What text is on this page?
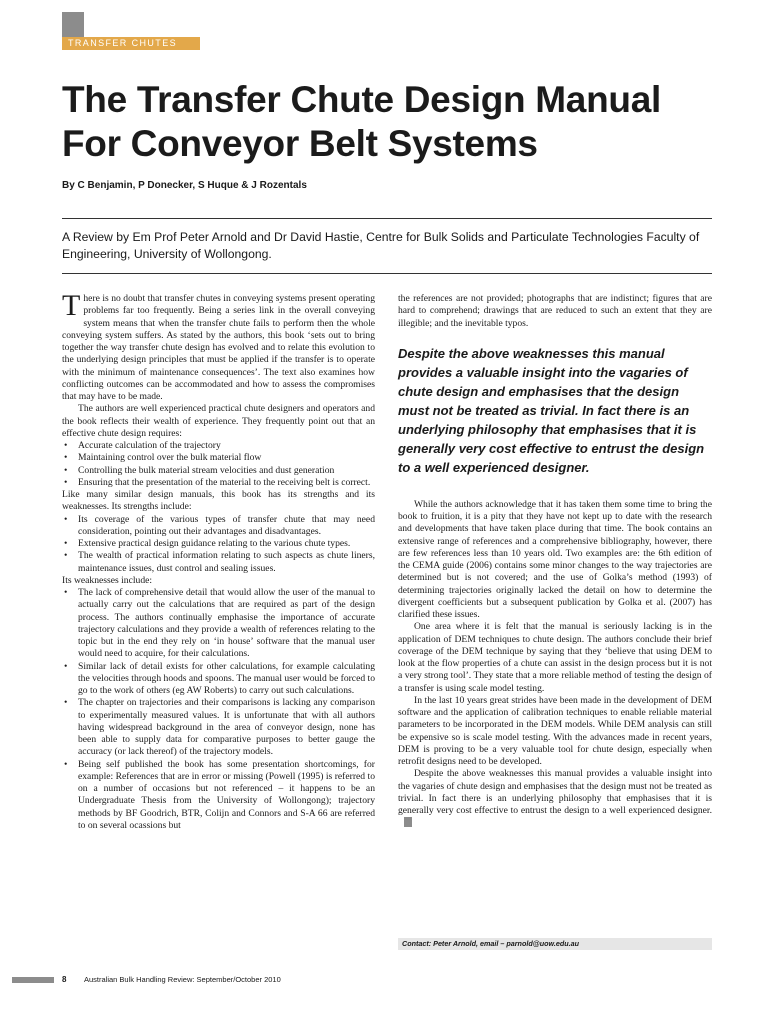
TRANSFER CHUTES
The Transfer Chute Design Manual For Conveyor Belt Systems
By C Benjamin, P Donecker, S Huque & J Rozentals

A Review by Em Prof Peter Arnold and Dr David Hastie, Centre for Bulk Solids and Particulate Technologies Faculty of Engineering, University of Wollongong.

There is no doubt that transfer chutes in conveying systems present operating problems far too frequently. Being a series link in the overall conveying system means that when the transfer chute fails to perform then the whole conveying system suffers. As stated by the authors, this book ‘sets out to bring together the way transfer chute design has evolved and to relate this evolution to the underlying design principles that must be applied if the transfer is to operate with the minimum of maintenance consequences’. The text also examines how conflicting outcomes can be accommodated and how to assess the compromises that may have to be made.

The authors are well experienced practical chute designers and operators and the book reflects their wealth of experience. They frequently point out that an effective chute design requires:

• Accurate calculation of the trajectory
• Maintaining control over the bulk material flow
• Controlling the bulk material stream velocities and dust generation
• Ensuring that the presentation of the material to the receiving belt is correct.

Like many similar design manuals, this book has its strengths and its weaknesses. Its strengths include:

• Its coverage of the various types of transfer chute that may need consideration, pointing out their advantages and disadvantages.
• Extensive practical design guidance relating to the various chute types.
• The wealth of practical information relating to such aspects as chute liners, maintenance issues, dust control and sealing issues.

Its weaknesses include:

• The lack of comprehensive detail that would allow the user of the manual to actually carry out the calculations that are required as part of the design process. The authors continually emphasise the importance of accurate trajectory calculations and they provide a wealth of references relating to the topic but in the end they rely on ‘in house’ software that the manual user would need to acquire, for their calculations.
• Similar lack of detail exists for other calculations, for example calculating the velocities through hoods and spoons. The manual user would be forced to go to the work of others (eg AW Roberts) to carry out such calculations.
• The chapter on trajectories and their comparisons is lacking any comparison to experimentally measured values. It is unfortunate that with all authors having widespread background in the area of conveyor design, none has been able to supply data for comparative purposes to better gauge the accuracy (or lack thereof) of the trajectory models.
• Being self published the book has some presentation shortcomings, for example: References that are in error or missing (Powell (1995) is referred to on a number of occasions but not referenced – it happens to be an Undergraduate Thesis from the University of Wollongong); trajectory methods by BF Goodrich, BTR, Colijn and Connors and S-A 66 are referred to on several ocassions but

the references are not provided; photographs that are indistinct; figures that are hard to comprehend; drawings that are reduced to such an extent that they are illegible; and the inevitable typos.

Despite the above weaknesses this manual provides a valuable insight into the vagaries of chute design and emphasises that the design must not be treated as trivial. In fact there is an underlying philosophy that emphasises that it is generally very cost effective to entrust the design to a well experienced designer.

While the authors acknowledge that it has taken them some time to bring the book to fruition, it is a pity that they have not kept up to date with the research and developments that have taken place during that time. The book contains an extensive range of references and a comprehensive bibliography, however, there are few references less than 10 years old. Two examples are: the 6th edition of the CEMA guide (2006) contains some minor changes to the way trajectories are determined but is not covered; and the use of Golka’s method (1993) of determining trajectories originally lacked the detail on how to determine the divergent coefficients but a subsequent publication by Golka et al. (2007) has clarified these issues.

One area where it is felt that the manual is seriously lacking is in the application of DEM techniques to chute design. The authors conclude their brief coverage of the DEM technique by saying that they ‘believe that using DEM to look at the flow properties of a chute can assist in the design process but it is not a very strong tool’. They state that a more reliable method of testing the design of a transfer is using scale model testing.

In the last 10 years great strides have been made in the development of DEM software and the application of calibration techniques to enable reliable material parameters to be incorporated in the DEM models. While DEM analysis can still be expensive so is scale model testing. With the advances made in recent years, DEM is proving to be a very valuable tool for chute design, especially when retrofit designs need to be developed.

Despite the above weaknesses this manual provides a valuable insight into the vagaries of chute design and emphasises that the design must not be treated as trivial. In fact there is an underlying philosophy that emphasises that it is generally very cost effective to entrust the design to a well experienced designer.

Contact: Peter Arnold, email – parnold@uow.edu.au
8 Australian Bulk Handling Review: September/October 2010
